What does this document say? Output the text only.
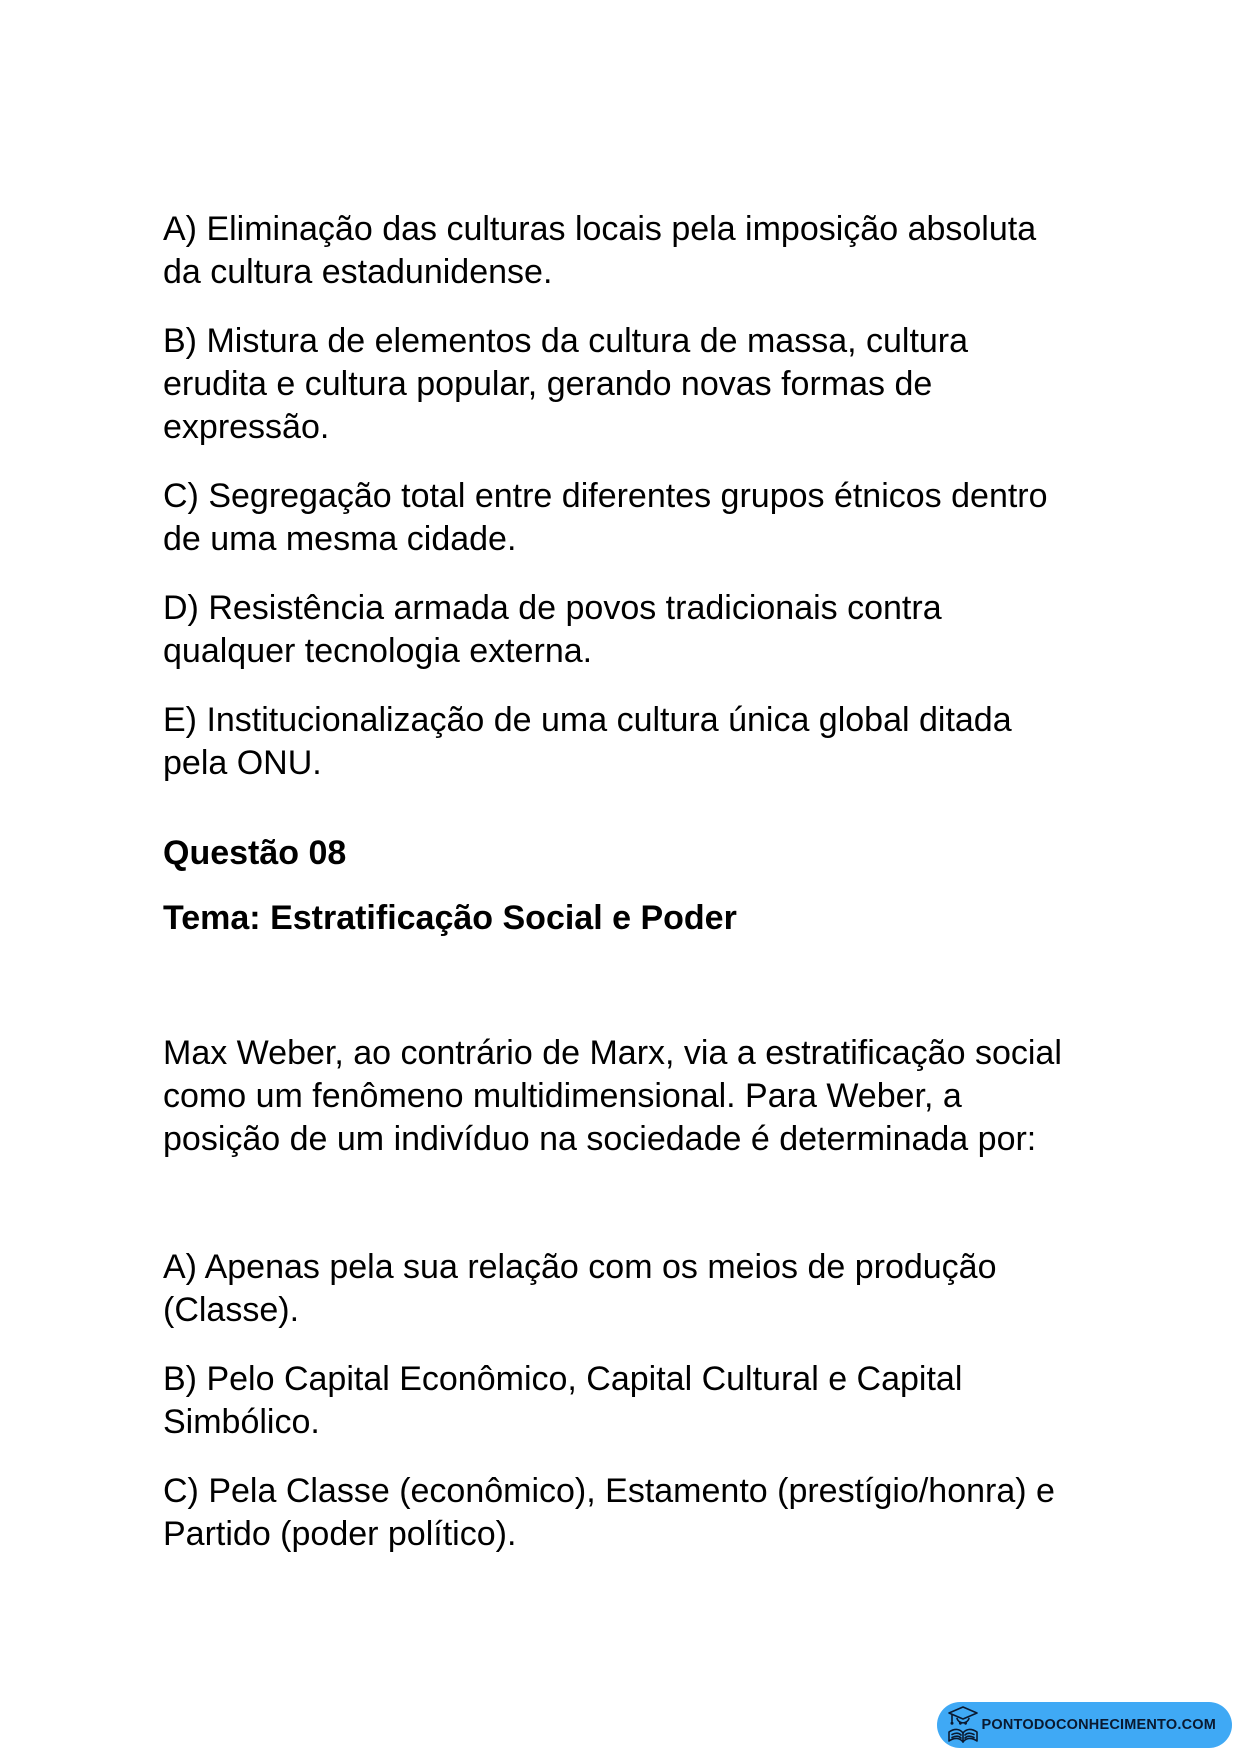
A) Eliminação das culturas locais pela imposição absoluta da cultura estadunidense.

B) Mistura de elementos da cultura de massa, cultura erudita e cultura popular, gerando novas formas de expressão.

C) Segregação total entre diferentes grupos étnicos dentro de uma mesma cidade.

D) Resistência armada de povos tradicionais contra qualquer tecnologia externa.

E) Institucionalização de uma cultura única global ditada pela ONU.

Questão 08

Tema: Estratificação Social e Poder

Max Weber, ao contrário de Marx, via a estratificação social como um fenômeno multidimensional. Para Weber, a posição de um indivíduo na sociedade é determinada por:

A) Apenas pela sua relação com os meios de produção (Classe).

B) Pelo Capital Econômico, Capital Cultural e Capital Simbólico.

C) Pela Classe (econômico), Estamento (prestígio/honra) e Partido (poder político).

PONTODOCONHECIMENTO.COM
